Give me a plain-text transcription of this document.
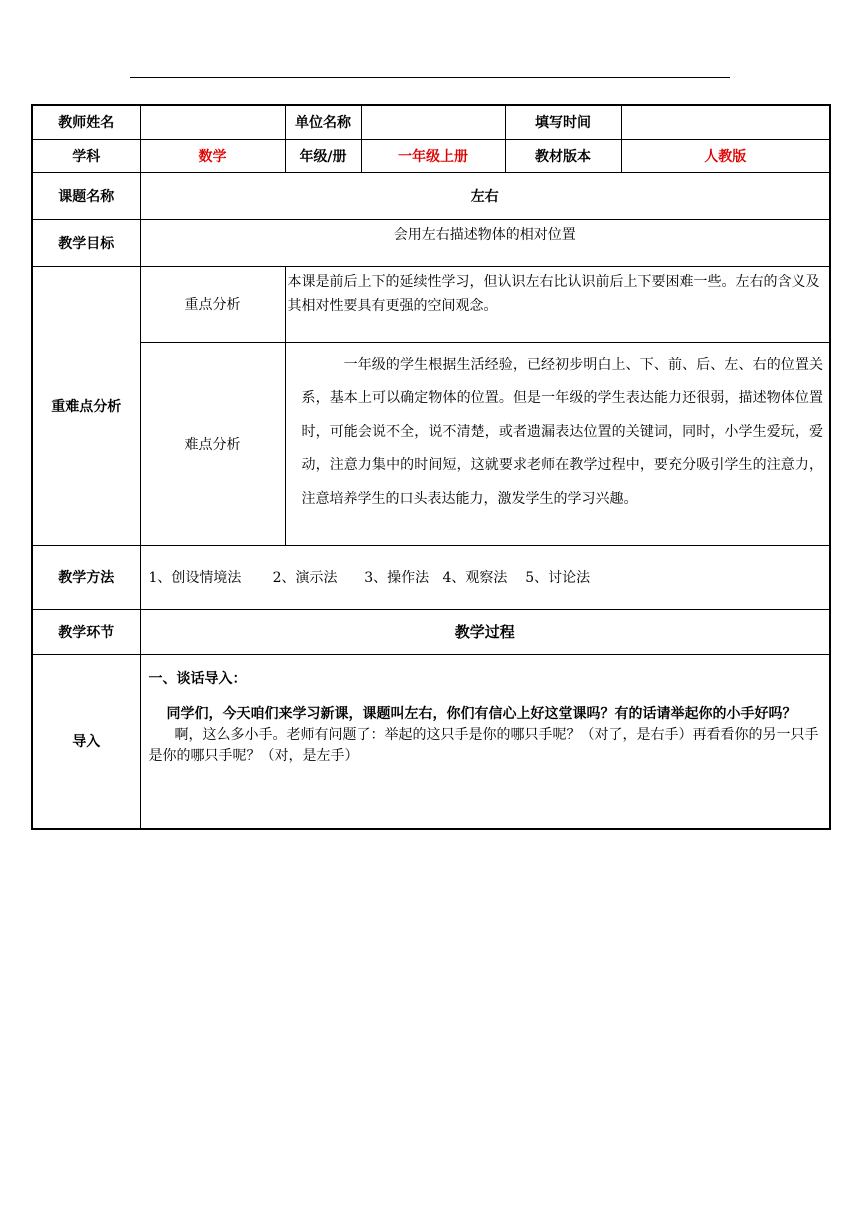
教师姓名		单位名称		填写时间	
学科	数学	年级/册	一年级上册	教材版本	人教版
课题名称	左右				
教学目标	会用左右描述物体的相对位置				
重难点分析	重点分析	本课是前后上下的延续性学习，但认识左右比认识前后上下要困难一些。左右的含义及其相对性要具有更强的空间观念。			
	难点分析	一年级的学生根据生活经验，已经初步明白上、下、前、后、左、右的位置关系，基本上可以确定物体的位置。但是一年级的学生表达能力还很弱，描述物体位置时，可能会说不全，说不清楚，或者遗漏表达位置的关键词，同时，小学生爱玩，爱动，注意力集中的时间短，这就要求老师在教学过程中，要充分吸引学生的注意力，注意培养学生的口头表达能力，激发学生的学习兴趣。			
教学方法	1、创设情境法 2、演示法 3、操作法 4、观察法 5、讨论法				
教学环节	教学过程				
导入	一、谈话导入：
同学们，今天咱们来学习新课，课题叫左右，你们有信心上好这堂课吗？有的话请举起你的小手好吗？
啊，这么多小手。老师有问题了：举起的这只手是你的哪只手呢？（对了，是右手）再看看你的另一只手是你的哪只手呢？（对，是左手）				
